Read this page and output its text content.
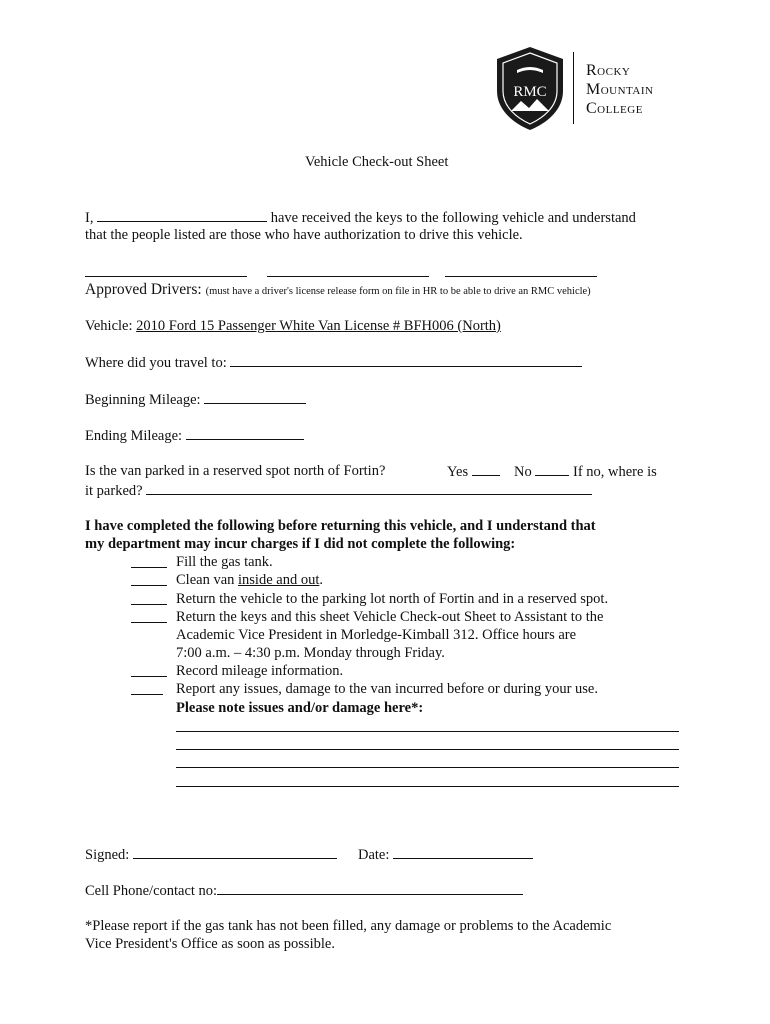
RMC
Rocky
Mountain
College
Vehicle Check-out Sheet
I,	have received the keys to the following vehicle and understand
that the people listed are those who have authorization to drive this vehicle.
Approved Drivers: (must have a driver's license release form on file in HR to be able to drive an RMC vehicle)
Vehicle: 2010 Ford 15 Passenger White Van License # BFH006 (North)
Where did you travel to:
Beginning Mileage:
Ending Mileage:
Is the van parked in a reserved spot north of Fortin?	Yes	No	If no, where is
it parked?
I have completed the following before returning this vehicle, and I understand that
my department may incur charges if I did not complete the following:
Fill the gas tank.
Clean van inside and out.
Return the vehicle to the parking lot north of Fortin and in a reserved spot.
Return the keys and this sheet Vehicle Check-out Sheet to Assistant to the
Academic Vice President in Morledge-Kimball 312. Office hours are
7:00 a.m. – 4:30 p.m. Monday through Friday.
Record mileage information.
Report any issues, damage to the van incurred before or during your use.
Please note issues and/or damage here*:
Signed:	Date:
Cell Phone/contact no:
*Please report if the gas tank has not been filled, any damage or problems to the Academic
Vice President's Office as soon as possible.
